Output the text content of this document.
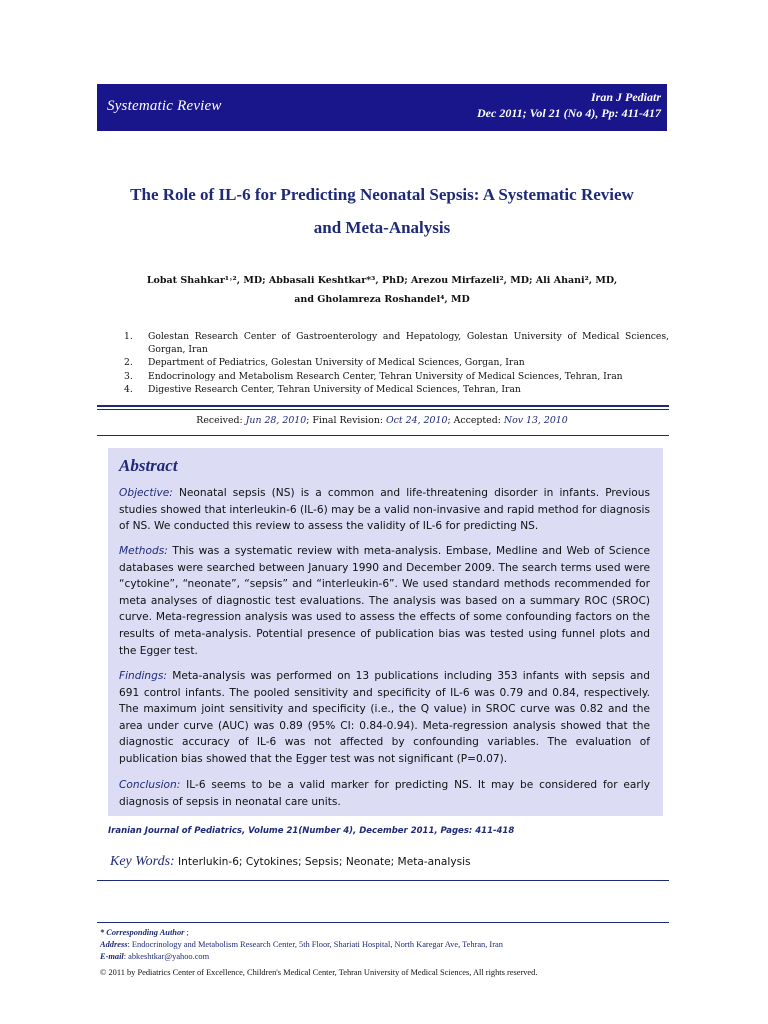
Systematic Review
Iran J Pediatr
Dec 2011; Vol 21 (No 4), Pp: 411-417
The Role of IL-6 for Predicting Neonatal Sepsis: A Systematic Review
and Meta-Analysis
Lobat Shahkar¹˒², MD; Abbasali Keshtkar*³, PhD; Arezou Mirfazeli², MD; Ali Ahani², MD,
and Gholamreza Roshandel⁴, MD
1. Golestan Research Center of Gastroenterology and Hepatology, Golestan University of Medical Sciences, Gorgan, Iran
2. Department of Pediatrics, Golestan University of Medical Sciences, Gorgan, Iran
3. Endocrinology and Metabolism Research Center, Tehran University of Medical Sciences, Tehran, Iran
4. Digestive Research Center, Tehran University of Medical Sciences, Tehran, Iran
Received: Jun 28, 2010; Final Revision: Oct 24, 2010; Accepted: Nov 13, 2010
Abstract
Objective: Neonatal sepsis (NS) is a common and life-threatening disorder in infants. Previous studies showed that interleukin-6 (IL-6) may be a valid non-invasive and rapid method for diagnosis of NS. We conducted this review to assess the validity of IL-6 for predicting NS.
Methods: This was a systematic review with meta-analysis. Embase, Medline and Web of Science databases were searched between January 1990 and December 2009. The search terms used were “cytokine”, “neonate”, “sepsis” and “interleukin-6”. We used standard methods recommended for meta analyses of diagnostic test evaluations. The analysis was based on a summary ROC (SROC) curve. Meta-regression analysis was used to assess the effects of some confounding factors on the results of meta-analysis. Potential presence of publication bias was tested using funnel plots and the Egger test.
Findings: Meta-analysis was performed on 13 publications including 353 infants with sepsis and 691 control infants. The pooled sensitivity and specificity of IL-6 was 0.79 and 0.84, respectively. The maximum joint sensitivity and specificity (i.e., the Q value) in SROC curve was 0.82 and the area under curve (AUC) was 0.89 (95% CI: 0.84-0.94). Meta-regression analysis showed that the diagnostic accuracy of IL-6 was not affected by confounding variables. The evaluation of publication bias showed that the Egger test was not significant (P=0.07).
Conclusion: IL-6 seems to be a valid marker for predicting NS. It may be considered for early diagnosis of sepsis in neonatal care units.
Iranian Journal of Pediatrics, Volume 21(Number 4), December 2011, Pages: 411-418
Key Words: Interlukin-6; Cytokines; Sepsis; Neonate; Meta-analysis
* Corresponding Author ;
Address: Endocrinology and Metabolism Research Center, 5th Floor, Shariati Hospital, North Karegar Ave, Tehran, Iran
E-mail: abkeshtkar@yahoo.com
© 2011 by Pediatrics Center of Excellence, Children's Medical Center, Tehran University of Medical Sciences, All rights reserved.
